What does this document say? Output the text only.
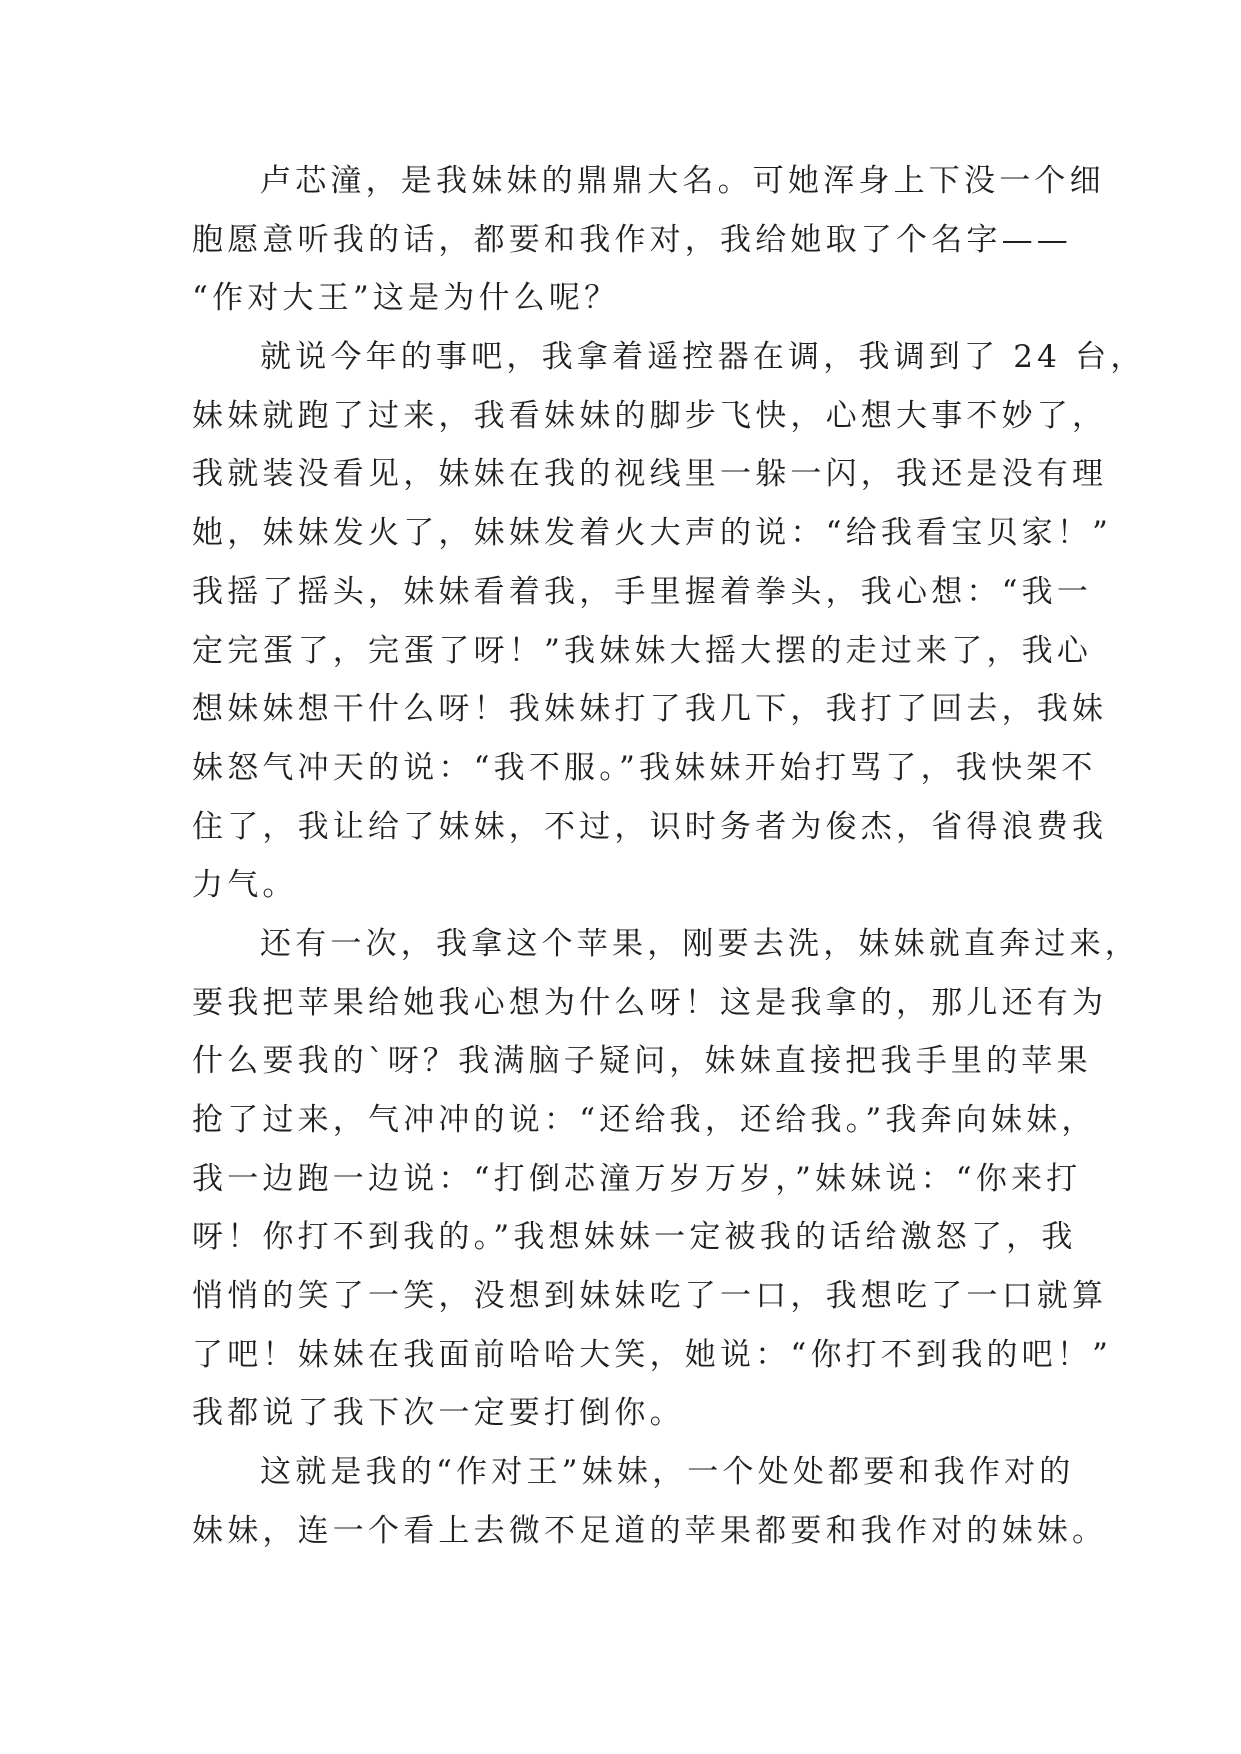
卢芯潼，是我妹妹的鼎鼎大名。可她浑身上下没一个细
胞愿意听我的话，都要和我作对，我给她取了个名字——
“作对大王”这是为什么呢？
就说今年的事吧，我拿着遥控器在调，我调到了 24 台，
妹妹就跑了过来，我看妹妹的脚步飞快，心想大事不妙了，
我就装没看见，妹妹在我的视线里一躲一闪，我还是没有理
她，妹妹发火了，妹妹发着火大声的说：“给我看宝贝家！”
我摇了摇头，妹妹看着我，手里握着拳头，我心想：“我一
定完蛋了，完蛋了呀！”我妹妹大摇大摆的走过来了，我心
想妹妹想干什么呀！我妹妹打了我几下，我打了回去，我妹
妹怒气冲天的说：“我不服。”我妹妹开始打骂了，我快架不
住了，我让给了妹妹，不过，识时务者为俊杰，省得浪费我
力气。
还有一次，我拿这个苹果，刚要去洗，妹妹就直奔过来，
要我把苹果给她我心想为什么呀！这是我拿的，那儿还有为
什么要我的`呀？我满脑子疑问，妹妹直接把我手里的苹果
抢了过来，气冲冲的说：“还给我，还给我。”我奔向妹妹，
我一边跑一边说：“打倒芯潼万岁万岁，”妹妹说：“你来打
呀！你打不到我的。”我想妹妹一定被我的话给激怒了，我
悄悄的笑了一笑，没想到妹妹吃了一口，我想吃了一口就算
了吧！妹妹在我面前哈哈大笑，她说：“你打不到我的吧！”
我都说了我下次一定要打倒你。
这就是我的“作对王”妹妹，一个处处都要和我作对的
妹妹，连一个看上去微不足道的苹果都要和我作对的妹妹。
